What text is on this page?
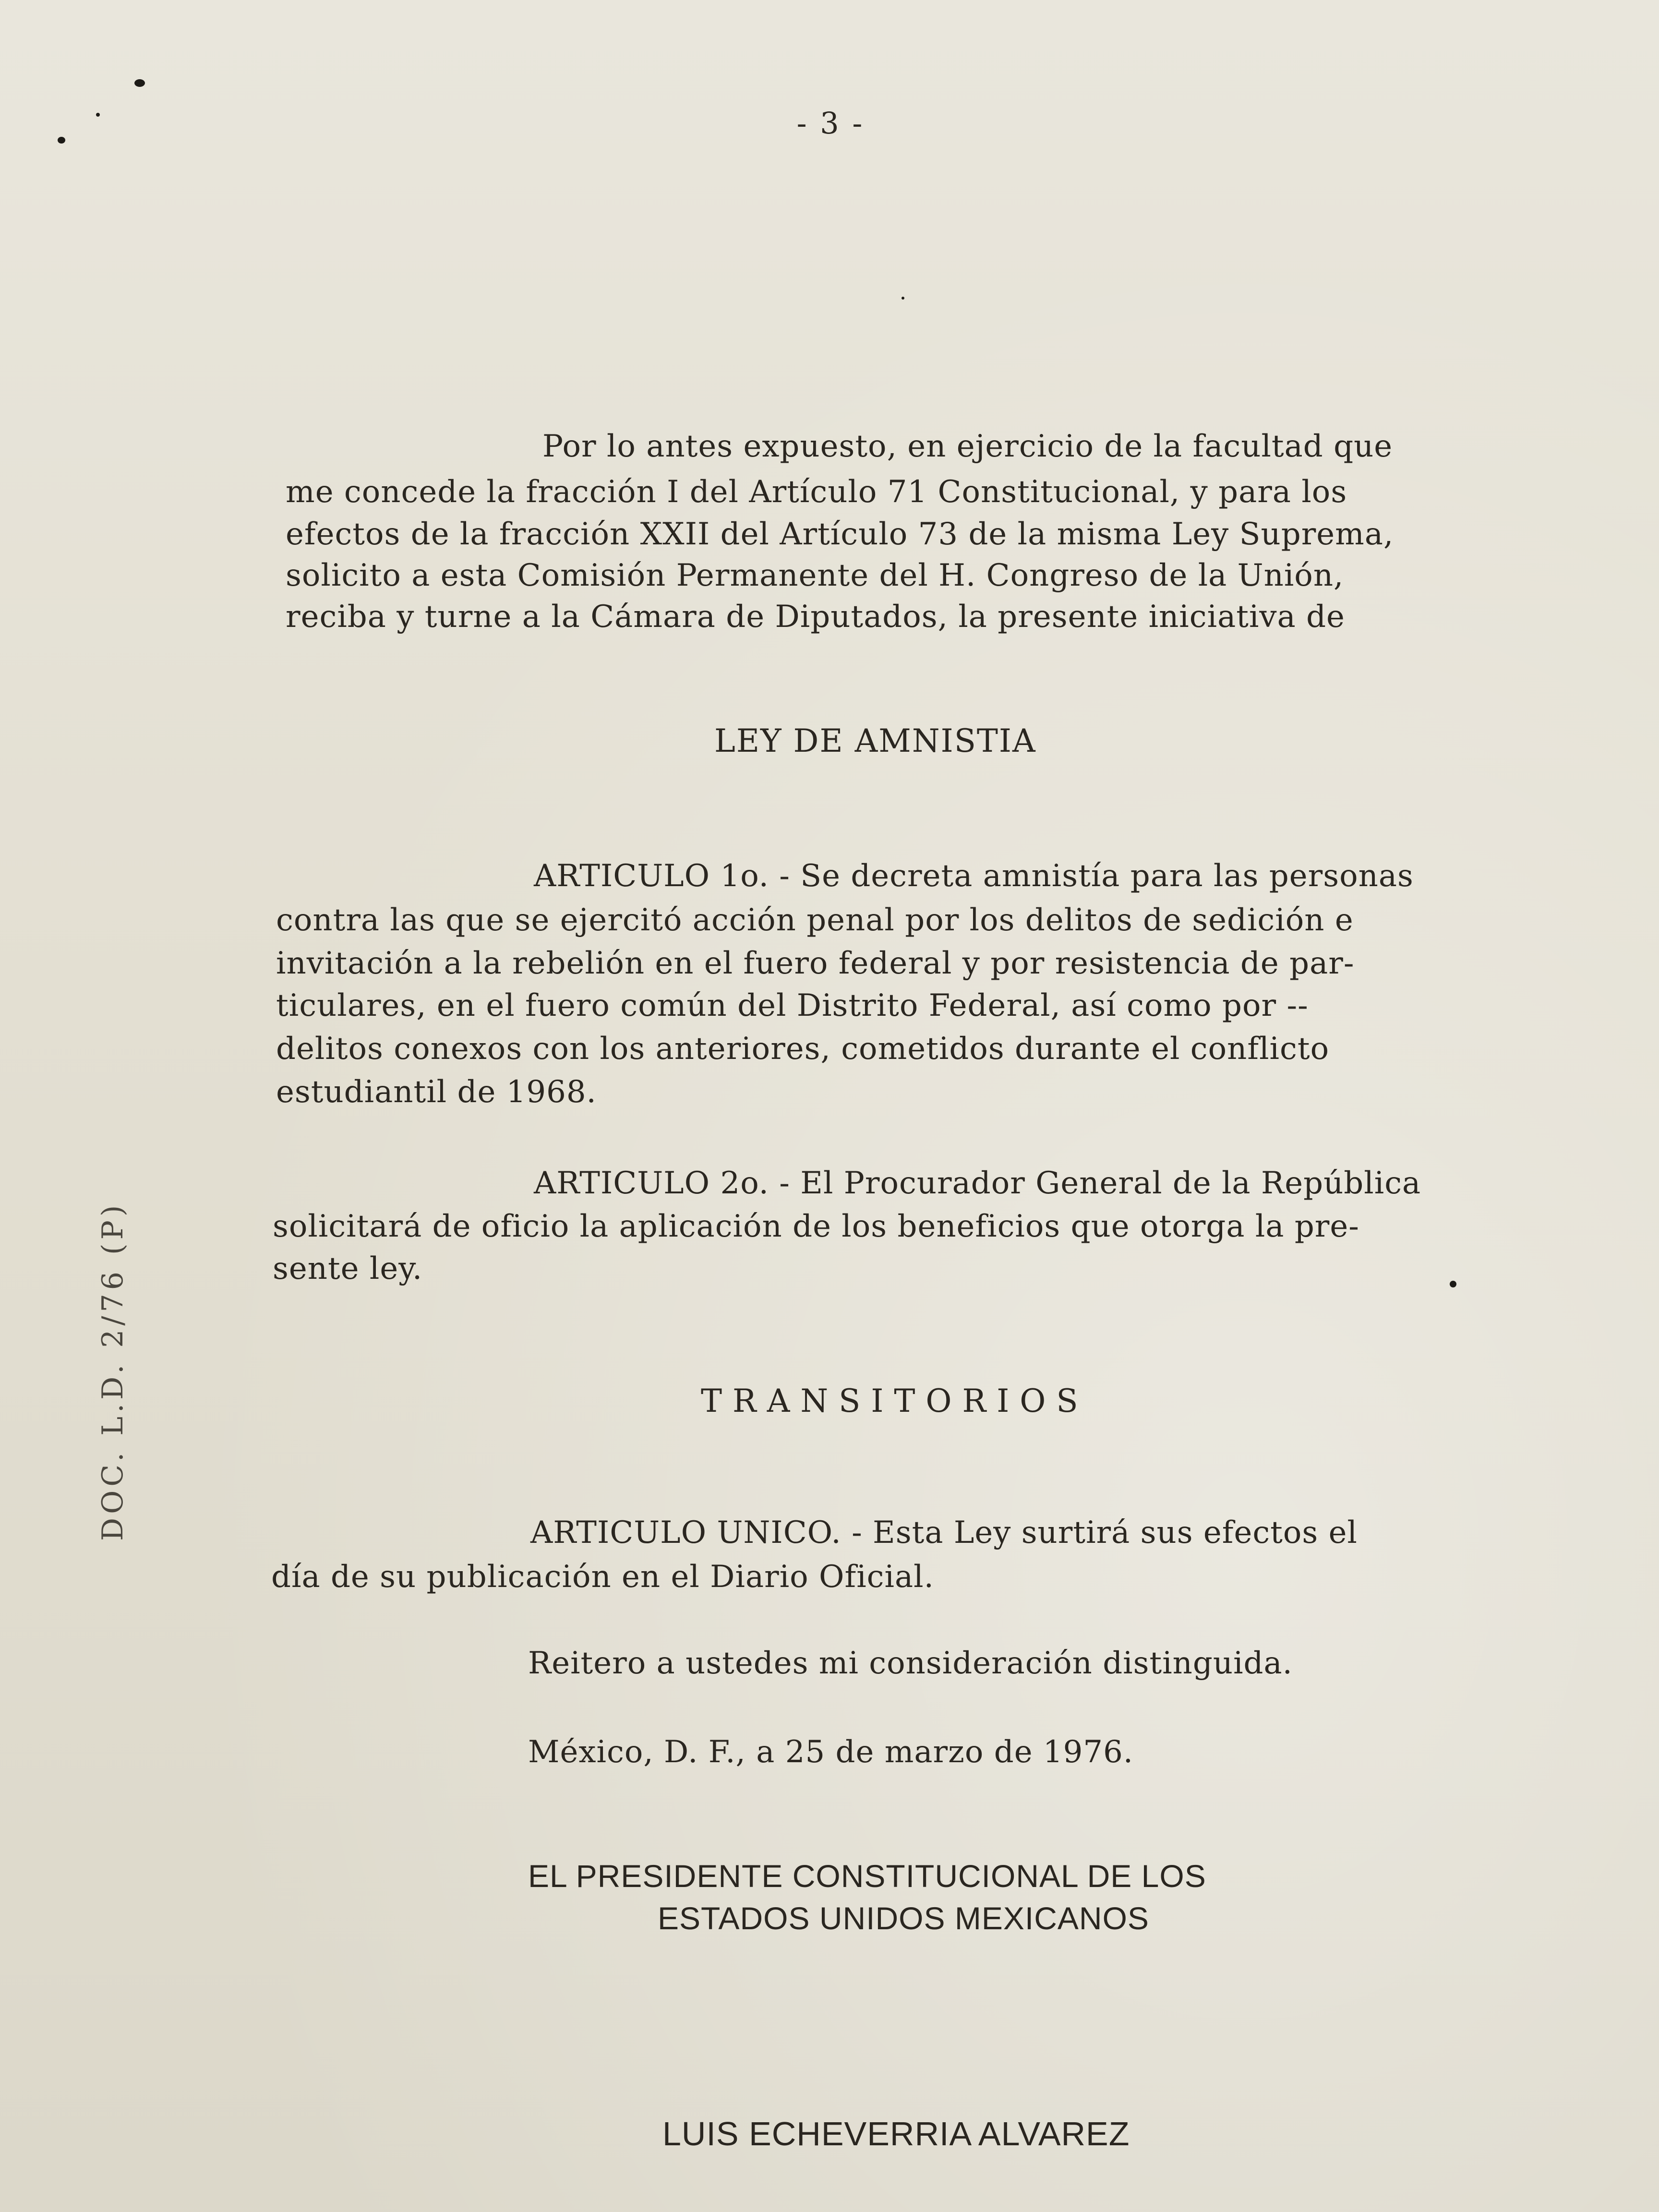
- 3 -
DOC. L.D. 2/76 (P)
Por lo antes expuesto, en ejercicio de la facultad que
me concede la fracción I del Artículo 71 Constitucional, y para los
efectos de la fracción XXII del Artículo 73 de la misma Ley Suprema,
solicito a esta Comisión Permanente del H. Congreso de la Unión,
reciba y turne a la Cámara de Diputados, la presente iniciativa de
LEY DE AMNISTIA
ARTICULO 1o. - Se decreta amnistía para las personas
contra las que se ejercitó acción penal por los delitos de sedición e
invitación a la rebelión en el fuero federal y por resistencia de par-
ticulares, en el fuero común del Distrito Federal, así como por --
delitos conexos con los anteriores, cometidos durante el conflicto
estudiantil de 1968.
ARTICULO 2o. - El Procurador General de la República
solicitará de oficio la aplicación de los beneficios que otorga la pre-
sente ley.
TRANSITORIOS
ARTICULO UNICO. - Esta Ley surtirá sus efectos el
día de su publicación en el Diario Oficial.
Reitero a ustedes mi consideración distinguida.
México, D. F., a 25 de marzo de 1976.
EL PRESIDENTE CONSTITUCIONAL DE LOS
ESTADOS UNIDOS MEXICANOS
LUIS ECHEVERRIA ALVAREZ
